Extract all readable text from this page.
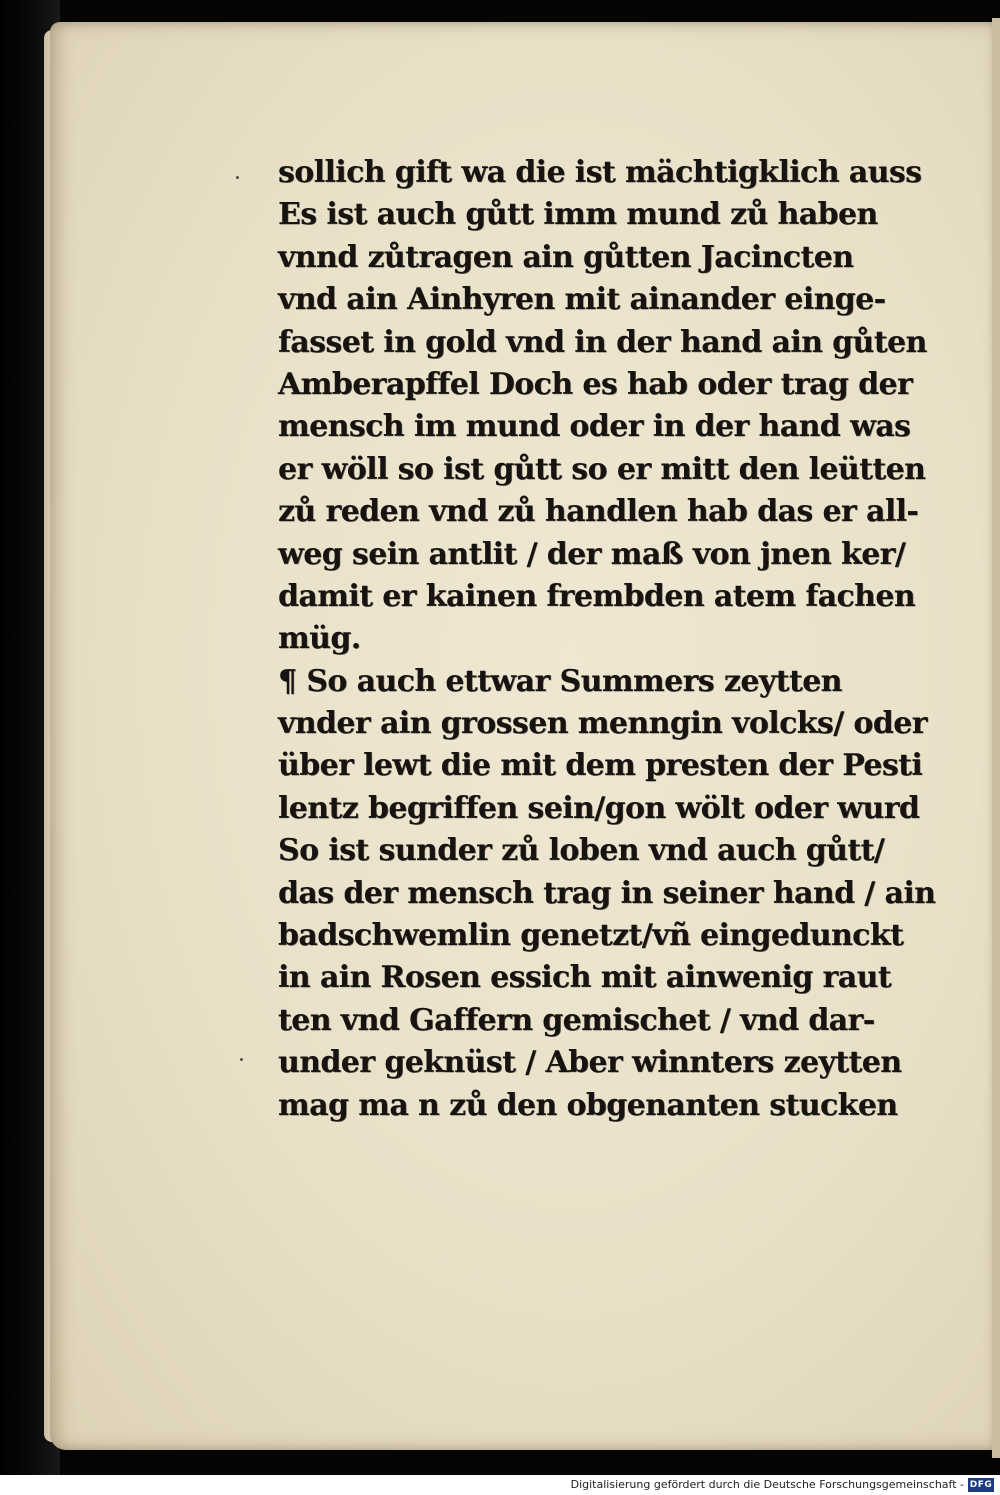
sollich gift wa die ist mächtigklich auss
Es ist auch gůtt imm mund zů haben
vnnd zůtragen ain gůtten Jacincten
vnd ain Ainhyren mit ainander einge-
fasset in gold vnd in der hand ain gůten
Amberapffel Doch es hab oder trag der
mensch im mund oder in der hand was
er wöll so ist gůtt so er mitt den leütten
zů reden vnd zů handlen hab das er all-
weg sein antlit / der maß von jnen ker/
damit er kainen frembden atem fachen
müg.
¶ So auch ettwar Summers zeytten
vnder ain grossen menngin volcks/ oder
über lewt die mit dem presten der Pesti
lentz begriffen sein/gon wölt oder wurd
So ist sunder zů loben vnd auch gůtt/
das der mensch trag in seiner hand / ain
badschwemlin genetzt/vñ eingedunckt
in ain Rosen essich mit ainwenig raut
ten vnd Gaffern gemischet / vnd dar-
under geknüst / Aber winnters zeytten
mag ma n zů den obgenanten stucken
Digitalisierung gefördert durch die Deutsche Forschungsgemeinschaft - DFG
